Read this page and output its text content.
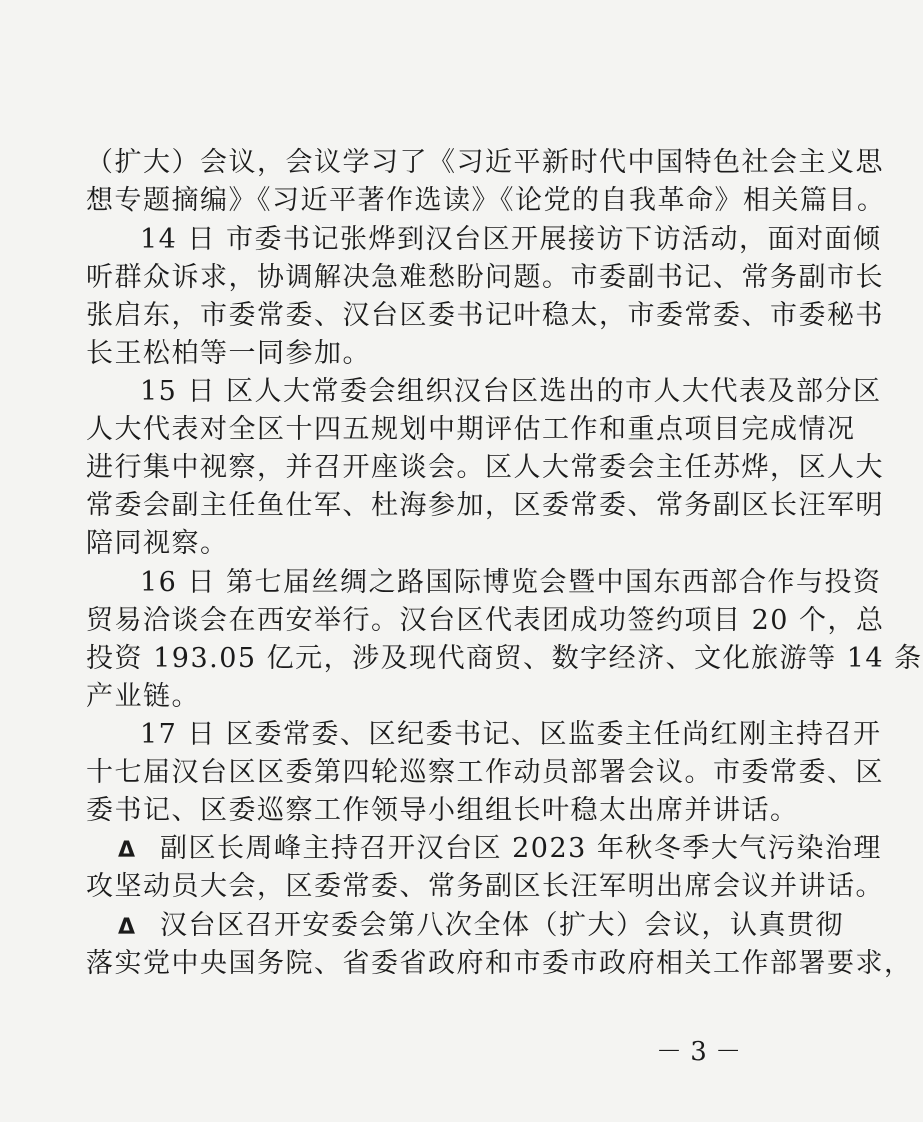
（扩大）会议，会议学习了《习近平新时代中国特色社会主义思
想专题摘编》《习近平著作选读》《论党的自我革命》相关篇目。
14 日 市委书记张烨到汉台区开展接访下访活动，面对面倾
听群众诉求，协调解决急难愁盼问题。市委副书记、常务副市长
张启东，市委常委、汉台区委书记叶稳太，市委常委、市委秘书
长王松柏等一同参加。
15 日 区人大常委会组织汉台区选出的市人大代表及部分区
人大代表对全区十四五规划中期评估工作和重点项目完成情况
进行集中视察，并召开座谈会。区人大常委会主任苏烨，区人大
常委会副主任鱼仕军、杜海参加，区委常委、常务副区长汪军明
陪同视察。
16 日 第七届丝绸之路国际博览会暨中国东西部合作与投资
贸易洽谈会在西安举行。汉台区代表团成功签约项目 20 个，总
投资 193.05 亿元，涉及现代商贸、数字经济、文化旅游等 14 条
产业链。
17 日 区委常委、区纪委书记、区监委主任尚红刚主持召开
十七届汉台区区委第四轮巡察工作动员部署会议。市委常委、区
委书记、区委巡察工作领导小组组长叶稳太出席并讲话。
Δ 副区长周峰主持召开汉台区 2023 年秋冬季大气污染治理
攻坚动员大会，区委常委、常务副区长汪军明出席会议并讲话。
Δ 汉台区召开安委会第八次全体（扩大）会议，认真贯彻
落实党中央国务院、省委省政府和市委市政府相关工作部署要求，
－ 3 －
